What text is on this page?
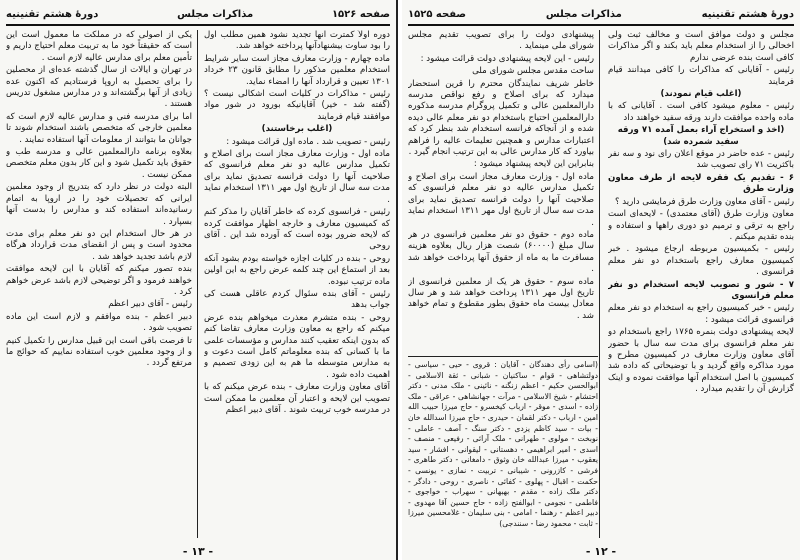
صفحه ۱۵۲۶
مذاکرات مجلس
دورهٔ هشتم تقنینیه

دوره اولاً کمترت آنها تجدید نشود همین مطلب اول را بود ساوت بیشنهادآنها پرداخته خواهد شد.

ماده چهارم - وزارت معارف مجاز است سایر شرایط استخدام معلمین مذکور را مطابق قانون ۲۳ خرداد ۱۳۰۱ تعیین و قرارداد آنها را امضاء نماید.

رئیس - مذاکرات در کلیات است اشکالی نیست ؟ (گفته شد - خیر) آقایانیکه بورود در شور مواد موافقند قیام فرمایند

(اغلب برخاستند)

رئیس - تصویب شد . ماده اول قرائت میشود :

ماده اول - وزارت معارف مجاز است برای اصلاح و تکمیل مدارس عالیه دو نفر معلم فرانسوی که صلاحیت آنها را دولت فرانسه تصدیق نماید برای مدت سه سال از تاریخ اول مهر ۱۳۱۱ استخدام نماید .

رئیس - فرانسوی کرده که خاطر آقایان را مذکر کنم که کمیسیون معارف و خارجه اظهار موافقت کرده که لایحه ضرور بوده است که آورده شد این . آقای روحی

روحی - بنده در کلیات اجازه خواسته بودم بشود آنکه بعد از استماع این چند کلمه عرض راجع به این اولین ماده ترتیب نبوده.

رئیس - آقای بنده سئوال کردم عاقلی هست کی جواب بدهد

روحی - بنده متشرم معذرت میخواهم بنده عرض میکنم که راجع به معاون وزارت معارف تقاضا کنم که بدون اینکه تعقیب کنند مدارس و مؤسسات علمی ما با کسانی که بنده معلوماتم کامل است دعوت و به مدارس متوسطه ما هم به این زودی تصمیم و اهمیت داده شود .

آقای معاون وزارت معارف - بنده عرض میکنم که با تصویب این لایحه و اعتبار آن معلمین ما ممکن است در مدرسه خوب تربیت شوند . آقای دبیر اعظم

یکی از اصولی که در مملکت ما معمول است این است که حقیقتاً خود ما به تربیت معلم احتیاج داریم و تأمین معلم برای مدارس عالیه لازم است .

در تهران و ایالات از سال گذشته عده‌ای از محصلین را برای تحصیل به اروپا فرستادیم که اکنون عده زیادی از آنها برگشته‌اند و در مدارس مشغول تدریس هستند .

اما برای مدرسه فنی و مدارس عالیه لازم است که معلمین خارجی که متخصص باشند استخدام شوند تا جوانان ما بتوانند از معلومات آنها استفاده نمایند .

بعلاوه برنامه دارالمعلمین عالی و مدرسه طب و حقوق باید تکمیل شود و این کار بدون معلم متخصص ممکن نیست .

البته دولت در نظر دارد که بتدریج از وجود معلمین ایرانی که تحصیلات خود را در اروپا به اتمام رسانیده‌اند استفاده کند و مدارس را بدست آنها بسپارد .

در هر حال استخدام این دو نفر معلم برای مدت محدود است و پس از انقضای مدت قرارداد هرگاه لازم باشد تجدید خواهد شد .

بنده تصور میکنم که آقایان با این لایحه موافقت خواهند فرمود و اگر توضیحی لازم باشد عرض خواهم کرد .

رئیس - آقای دبیر اعظم

دبیر اعظم - بنده موافقم و لازم است این ماده تصویب شود .

تا فرصت باقی است این قبیل مدارس را تکمیل کنیم و از وجود معلمین خوب استفاده نماییم که حوائج ما مرتفع گردد .

- ۱۳ -
دورهٔ هشتم تقنینیه
مذاکرات مجلس
صفحه ۱۵۲۵

مجلس و دولت موافق است و مخالف ثبت ولی اخحالی را از استخدام معلم باید بکند و اگر مذاکرات کافی است بنده عرضی ندارم

رئیس - آقایانی که مذاکرات را کافی میدانند قیام فرمایند

(اغلب قیام نمودند)

رئیس - معلوم میشود کافی است . آقایانی که با ماده واحده موافقت دارند ورقه سفید خواهند داد

(اخذ و استخراج آراء بعمل آمده ۷۱ ورقه سفید شمرده شد)

رئیس - عده حاضر در موقع اعلان رای نود و سه نفر باکثریت ۷۱ رای تصویب شد

۶ - تقدیم یک فقره لایحه از طرف معاون وزارت طرق

رئیس - آقای معاون وزارت طرق فرمایشی دارید ؟

معاون وزارت طرق (آقای معتمدی) - لایحه‌ای است راجع به ترقی و ترمیم دو دوری راهها و استفاده و بنده تقدیم میکنم .

رئیس - بکمیسیون مربوطه ارجاع میشود . خبر کمیسیون معارف راجع باستخدام دو نفر معلم فرانسوی .

۷ - شور و تصویب لایحه استخدام دو نفر معلم فرانسوی

رئیس - خبر کمیسیون راجع به استخدام دو نفر معلم فرانسوی قرائت میشود :

لایحه پیشنهادی دولت بنمره ۱۷۶۵ راجع باستخدام دو نفر معلم فرانسوی برای مدت سه سال با حضور آقای معاون وزارت معارف در کمیسیون مطرح و مورد مذاکره واقع گردید و با توضیحاتی که داده شد کمیسیون با اصل استخدام آنها موافقت نموده و اینک گزارش آن را تقدیم میدارد .

پیشنهادی دولت را برای تصویب تقدیم مجلس شورای ملی مینماید .

رئیس - این لایحه پیشنهادی دولت قرائت میشود :

ساحت مقدس مجلس شورای ملی

خاطر شریف نمایندگان محترم را قرین استحضار میدارد که برای اصلاح و رفع نواقص مدرسه دارالمعلمین عالی و تکمیل پروگرام مدرسه مذکوره دارالمعلمین احتیاج باستخدام دو نفر معلم عالی دیده شده و از آنجاکه فرانسه استخدام شد بنظر کرد که اعتبارات مدارس و همچنین تعلیمات عالیه را فراهم بیاورد که کار مدارس عالی به این ترتیب انجام گیرد .

بنابراین این لایحه پیشنهاد میشود :

ماده اول - وزارت معارف مجاز است برای اصلاح و تکمیل مدارس عالیه دو نفر معلم فرانسوی که صلاحیت آنها را دولت فرانسه تصدیق نماید برای مدت سه سال از تاریخ اول مهر ۱۳۱۱ استخدام نماید .

ماده دوم - حقوق دو نفر معلمین فرانسوی در هر سال مبلغ (۶۰۰۰۰) شصت هزار ریال بعلاوه هزینه مسافرت ما به ماه از حقوق آنها پرداخت خواهد شد .

ماده سوم - حقوق هر یک از معلمین فرانسوی از تاریخ اول مهر ۱۳۱۱ پرداخت خواهد شد و هر سال معادل بیست ماه حقوق بطور مقطوع و تمام خواهد شد .

(اسامی رأی دهندگان - آقایان : قروی - حیی - سیاسی - دولتشاهی - قوام - ساکنیان - شبانی - ثقة الاسلامی - ابوالحسن حکیم - اعظم زنگنه - نائینی - ملک مدنی - دکتر احتشام - شیخ الاسلامی - مرآت - جهانشاهی - عراقی - ملک زاده - اسدی - موقر - ارباب کیخسرو - حاج میرزا حبیب الله امین - ارباب - دکتر لقمان - حیدری - حاج میرزا اسدالله خان - بیات - سید کاظم یزدی - دکتر سنگ - آصف - عاملی - نوبخت - مولوی - طهرانی - ملک آرائی - رفیعی - منصف - اسدی - امیر ابراهیمی - دهستانی - لیقوانی - افشار - سید یعقوب - میرزا عبدالله خان وثوق - دامغانی - دکتر طاهری - فرشی - کازرونی - شیبانی - تربیت - نمازی - یونسی - حکمت - اقبال - پهلوی - کفائی - ناصری - روحی - دادگر - دکتر ملک زاده - مقدم - بهبهانی - سهراب - خواجوی - فاطمی - نجومی - ابوالفتح زاده - حاج حسین آقا مهدوی - دبیر اعظم - رهنما - امامی - بنی سلیمان - غلامحسین میرزا - ثابت - محمود رضا - سنندجی)
- ۱۲ -
